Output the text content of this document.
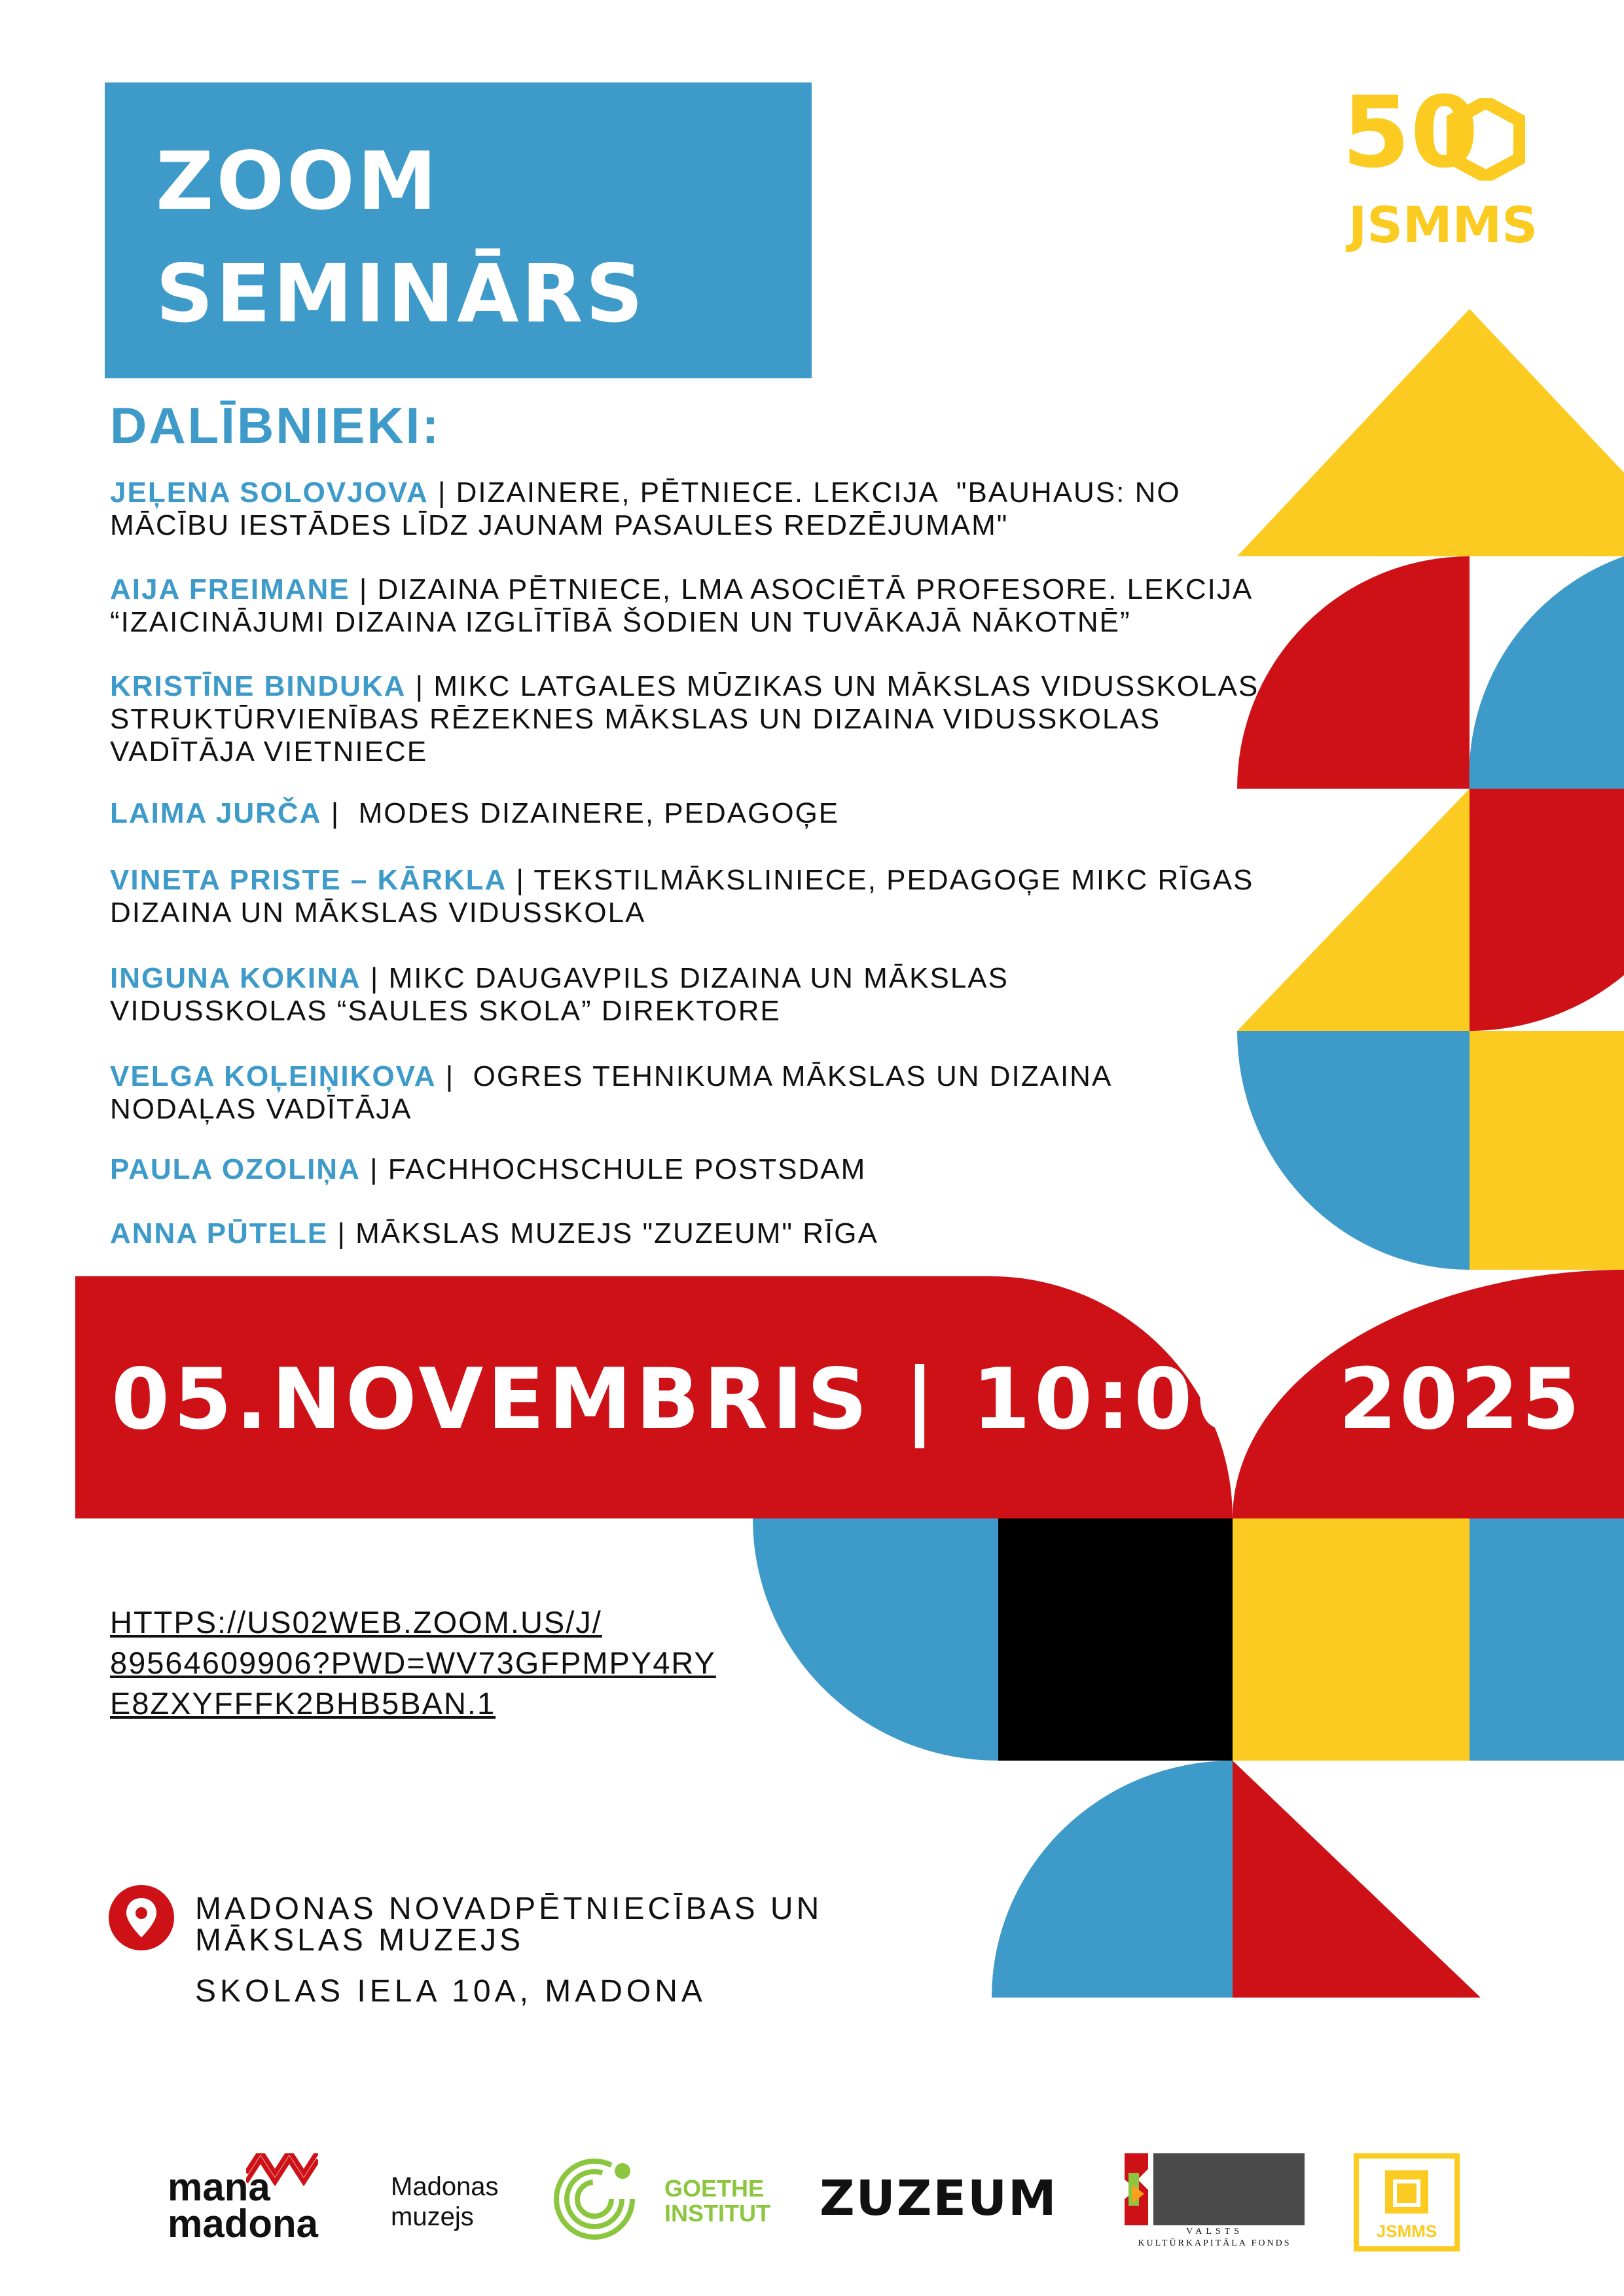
ZOOM
SEMINĀRS
50
JSMMS
DALĪBNIEKI:
JEĻENA SOLOVJOVA | DIZAINERE, PĒTNIECE. LEKCIJA  "BAUHAUS: NO
MĀCĪBU IESTĀDES LĪDZ JAUNAM PASAULES REDZĒJUMAM"
AIJA FREIMANE | DIZAINA PĒTNIECE, LMA ASOCIĒTĀ PROFESORE. LEKCIJA
“IZAICINĀJUMI DIZAINA IZGLĪTĪBĀ ŠODIEN UN TUVĀKAJĀ NĀKOTNĒ”
KRISTĪNE BINDUKA | MIKC LATGALES MŪZIKAS UN MĀKSLAS VIDUSSKOLAS
STRUKTŪRVIENĪBAS RĒZEKNES MĀKSLAS UN DIZAINA VIDUSSKOLAS
VADĪTĀJA VIETNIECE
LAIMA JURČA |  MODES DIZAINERE, PEDAGOĢE
VINETA PRISTE – KĀRKLA | TEKSTILMĀKSLINIECE, PEDAGOĢE MIKC RĪGAS
DIZAINA UN MĀKSLAS VIDUSSKOLA
INGUNA KOKINA | MIKC DAUGAVPILS DIZAINA UN MĀKSLAS
VIDUSSKOLAS “SAULES SKOLA” DIREKTORE
VELGA KOĻEIŅIKOVA |  OGRES TEHNIKUMA MĀKSLAS UN DIZAINA
NODAĻAS VADĪTĀJA
PAULA OZOLIŅA | FACHHOCHSCHULE POSTSDAM
ANNA PŪTELE | MĀKSLAS MUZEJS "ZUZEUM" RĪGA
05.NOVEMBRIS | 10:00 2025
HTTPS://US02WEB.ZOOM.US/J/
89564609906?PWD=WV73GFPMPY4RY
E8ZXYFFFK2BHB5BAN.1
MADONAS NOVADPĒTNIECĪBAS UN
MĀKSLAS MUZEJS
SKOLAS IELA 10A, MADONA
mana
madona
Madonas
muzejs
GOETHE
INSTITUT ZUZEUM
VALSTS
KULTŪRKAPITĀLA FONDS
JSMMS
